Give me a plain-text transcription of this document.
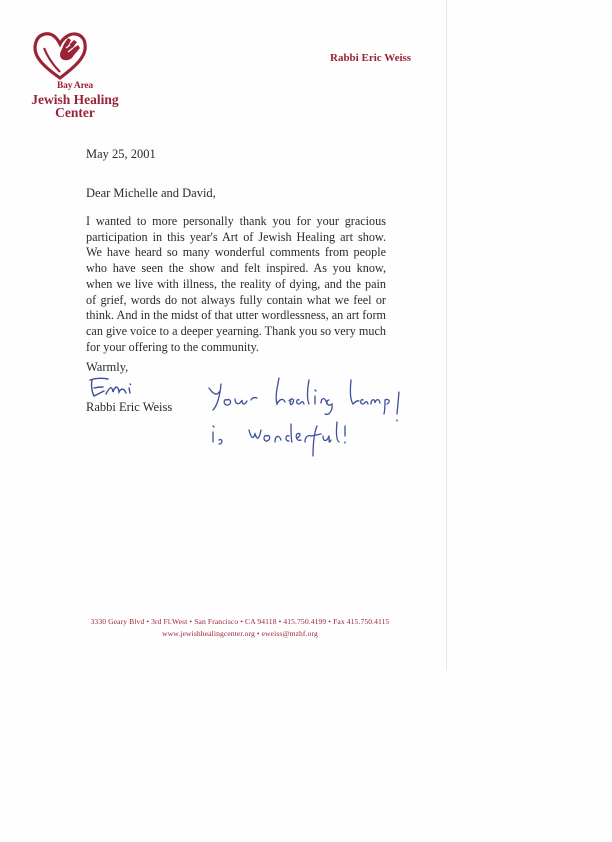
Bay Area
Jewish Healing
Center
Rabbi Eric Weiss
May 25, 2001
Dear Michelle and David,
I wanted to more personally thank you for your gracious participation in this year's Art of Jewish Healing art show. We have heard so many wonderful comments from people who have seen the show and felt inspired. As you know, when we live with illness, the reality of dying, and the pain of grief, words do not always fully contain what we feel or think. And in the midst of that utter wordlessness, an art form can give voice to a deeper yearning. Thank you so very much for your offering to the community.
Warmly,
Rabbi Eric Weiss
3330 Geary Blvd • 3rd Fl.West • San Francisco • CA 94118 • 415.750.4199 • Fax 415.750.4115
www.jewishhealingcenter.org • eweiss@mzhf.org
